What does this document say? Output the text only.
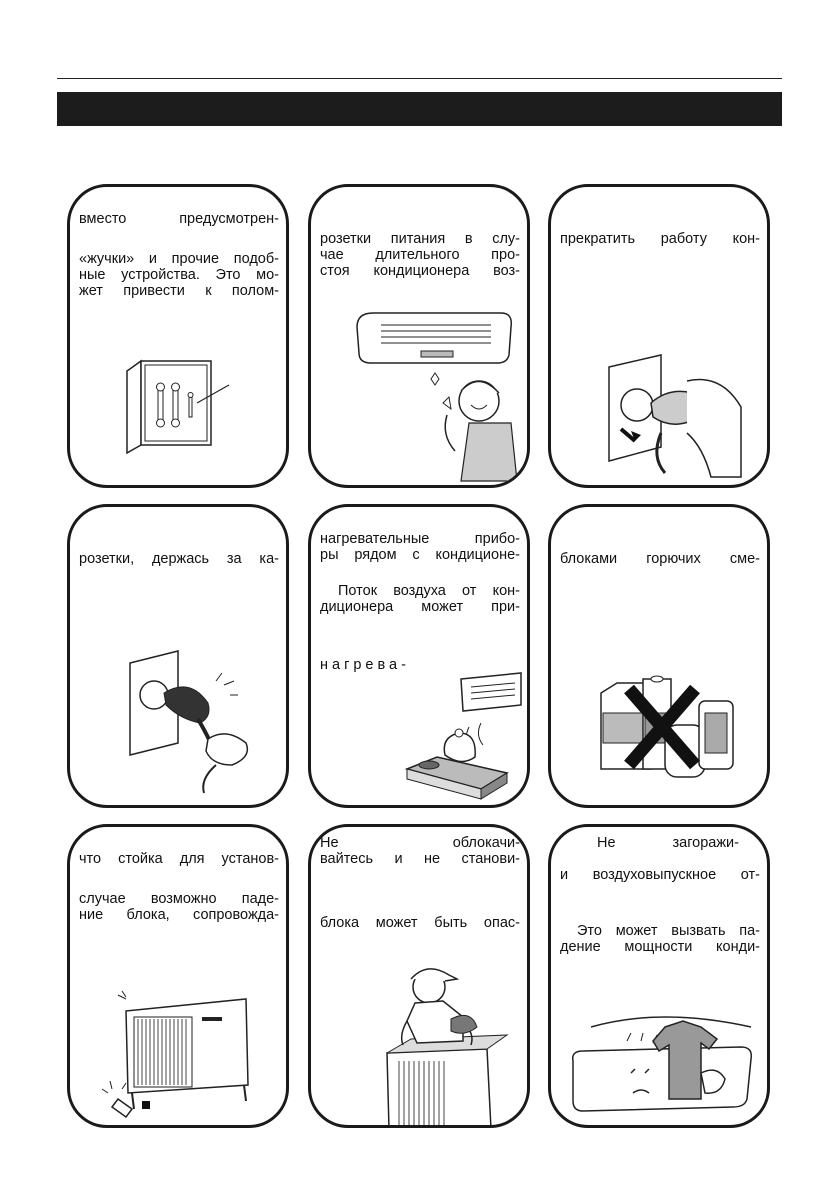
вместо предусмотрен-
«жучки» и прочие подоб-
ные устройства. Это мо-
жет привести к полом-
розетки питания в слу-
чае длительного про-
стоя кондиционера воз-
прекратить работу кон-
розетки, держась за ка-
нагревательные прибо-
ры рядом с кондиционе-
Поток воздуха от кон-
диционера может при-
нагрева-
блоками горючих сме-
что стойка для установ-
случае возможно паде-
ние блока, сопровожда-
Не облокачи-
вайтесь и не станови-
блока может быть опас-
Не загоражи-
и воздуховыпускное от-
Это может вызвать па-
дение мощности конди-
